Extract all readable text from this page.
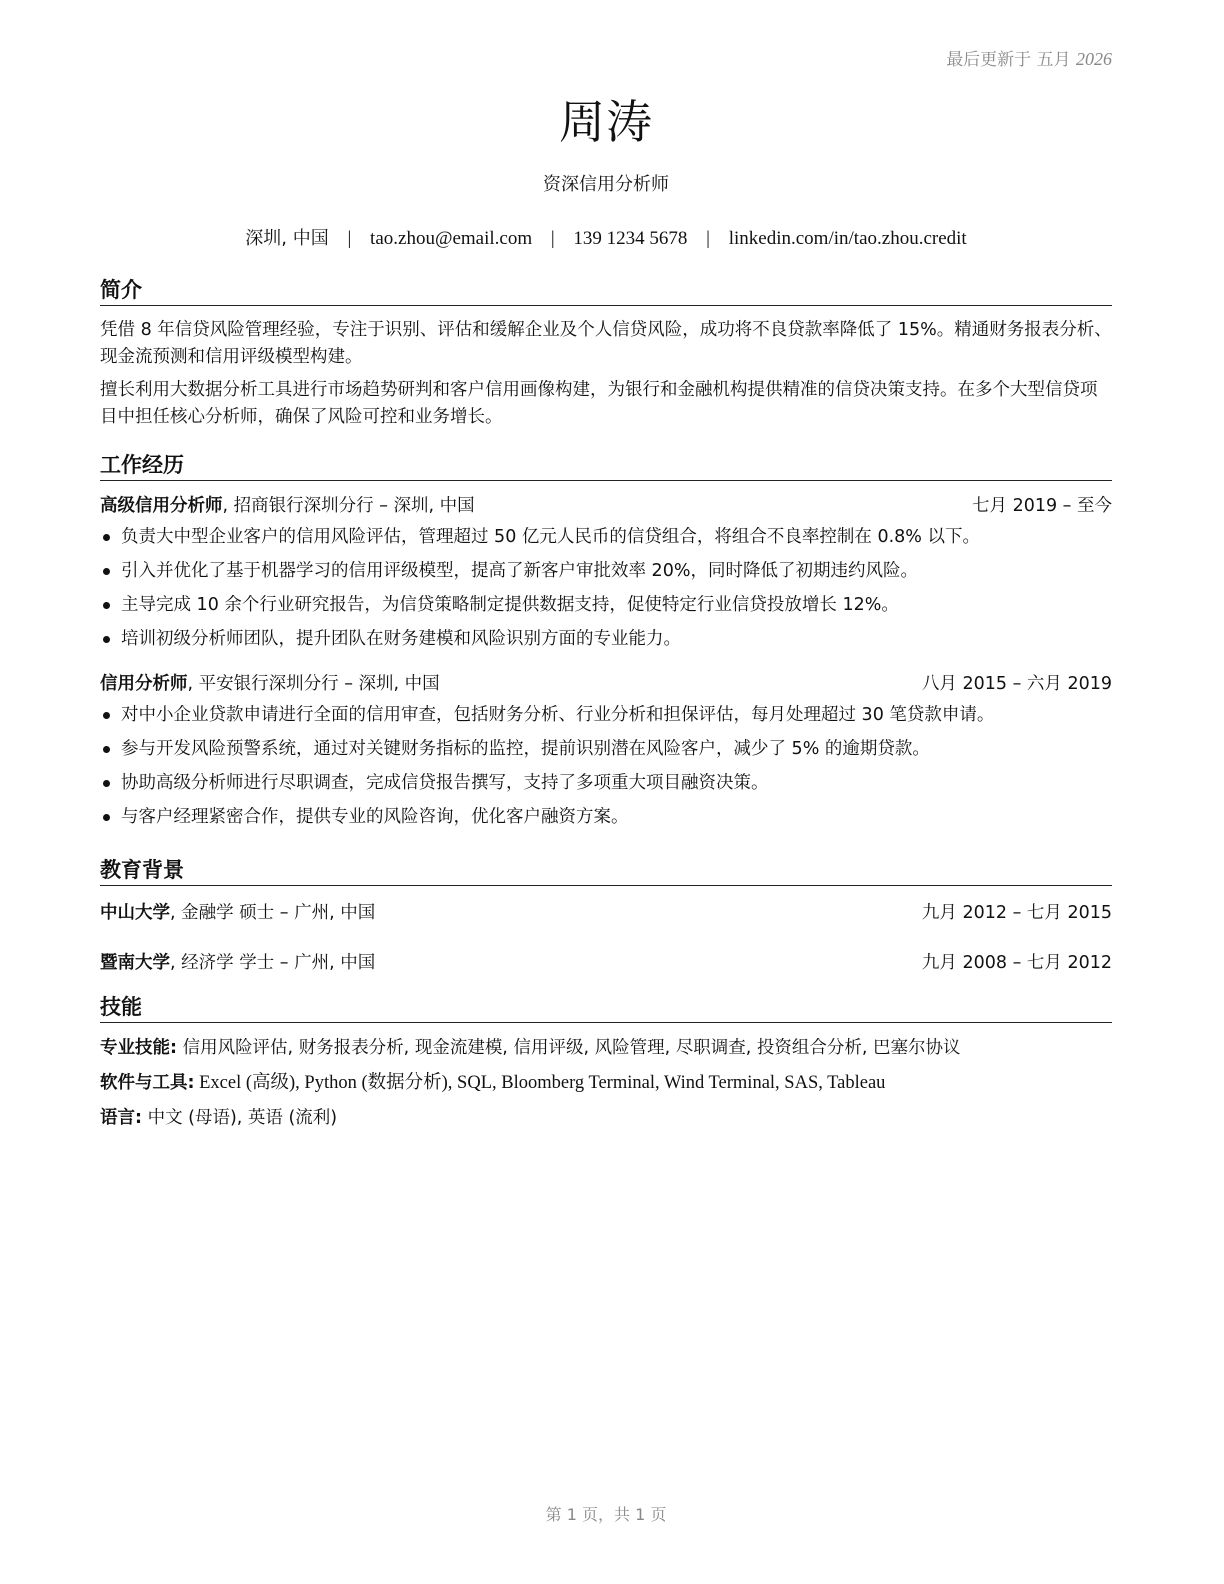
最后更新于 五月 2026
周涛
资深信用分析师
深圳, 中国 | tao.zhou@email.com | 139 1234 5678 | linkedin.com/in/tao.zhou.credit
简介

凭借 8 年信贷风险管理经验，专注于识别、评估和缓解企业及个人信贷风险，成功将不良贷款率降低了 15%。精通财务报表分析、现金流预测和信用评级模型构建。

擅长利用大数据分析工具进行市场趋势研判和客户信用画像构建，为银行和金融机构提供精准的信贷决策支持。在多个大型信贷项目中担任核心分析师，确保了风险可控和业务增长。

工作经历
高级信用分析师, 招商银行深圳分行 – 深圳, 中国	七月 2019 – 至今
负责大中型企业客户的信用风险评估，管理超过 50 亿元人民币的信贷组合，将组合不良率控制在 0.8% 以下。
引入并优化了基于机器学习的信用评级模型，提高了新客户审批效率 20%，同时降低了初期违约风险。
主导完成 10 余个行业研究报告，为信贷策略制定提供数据支持，促使特定行业信贷投放增长 12%。
培训初级分析师团队，提升团队在财务建模和风险识别方面的专业能力。
信用分析师, 平安银行深圳分行 – 深圳, 中国	八月 2015 – 六月 2019
对中小企业贷款申请进行全面的信用审查，包括财务分析、行业分析和担保评估，每月处理超过 30 笔贷款申请。
参与开发风险预警系统，通过对关键财务指标的监控，提前识别潜在风险客户，减少了 5% 的逾期贷款。
协助高级分析师进行尽职调查，完成信贷报告撰写，支持了多项重大项目融资决策。
与客户经理紧密合作，提供专业的风险咨询，优化客户融资方案。
教育背景
中山大学, 金融学 硕士 – 广州, 中国	九月 2012 – 七月 2015
暨南大学, 经济学 学士 – 广州, 中国	九月 2008 – 七月 2012
技能
专业技能: 信用风险评估, 财务报表分析, 现金流建模, 信用评级, 风险管理, 尽职调查, 投资组合分析, 巴塞尔协议
软件与工具: Excel (高级), Python (数据分析), SQL, Bloomberg Terminal, Wind Terminal, SAS, Tableau
语言: 中文 (母语), 英语 (流利)
第 1 页，共 1 页
